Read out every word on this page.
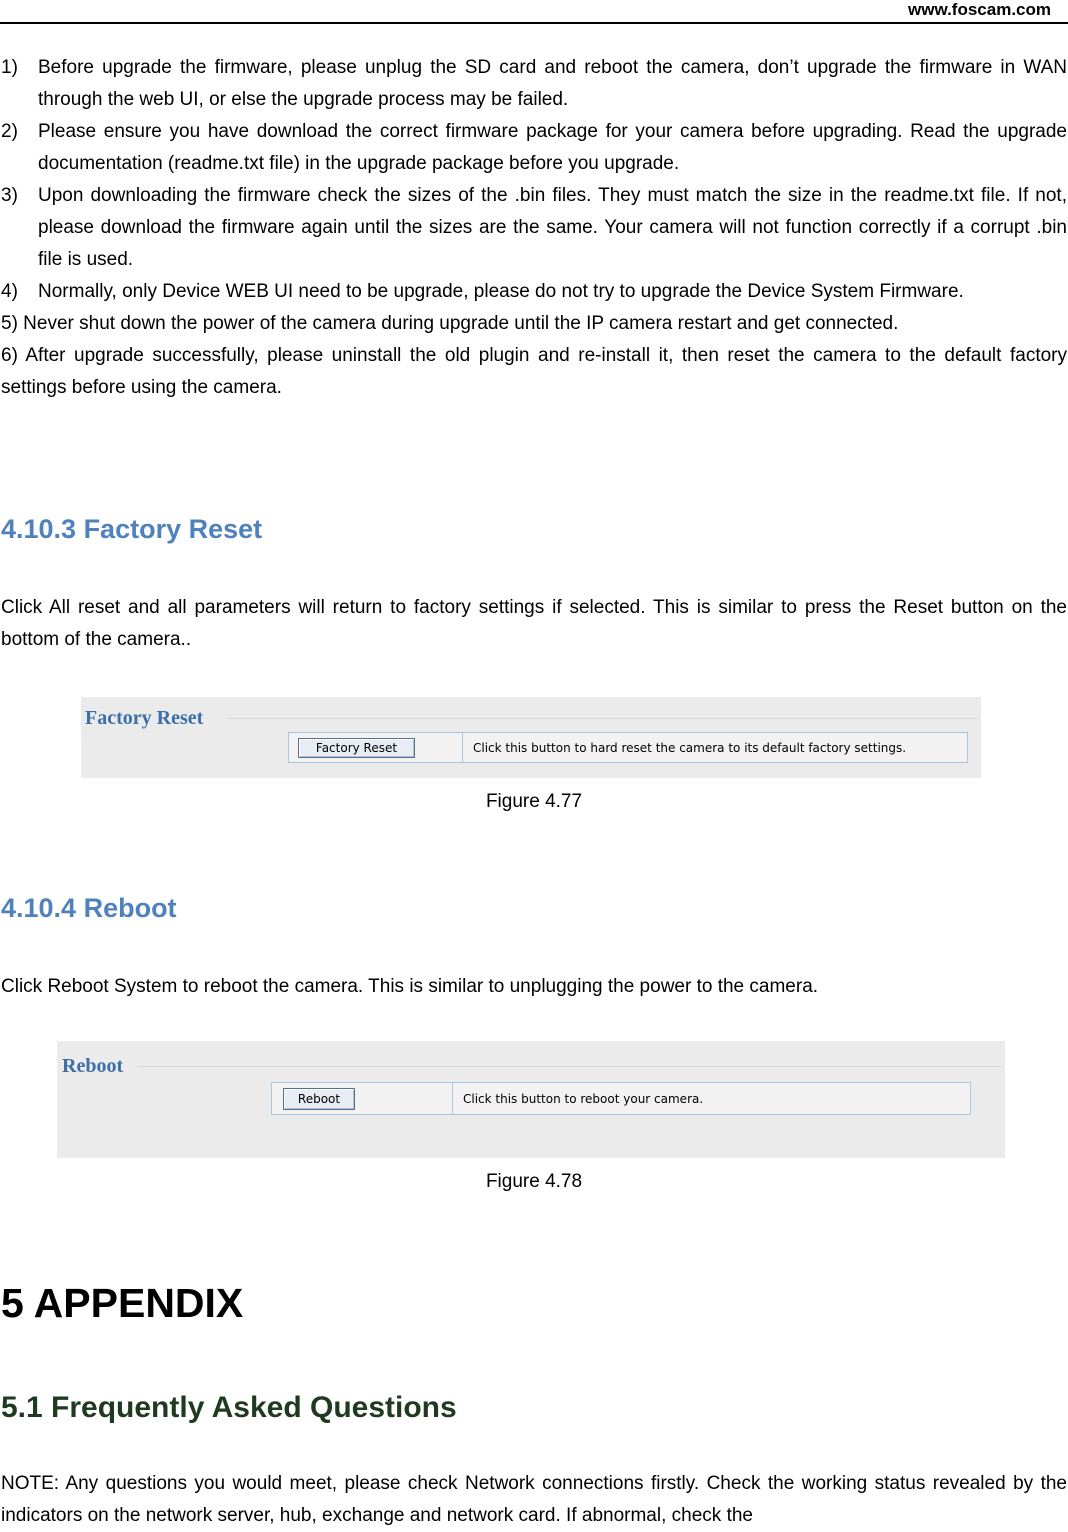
www.foscam.com
1)	Before upgrade the firmware, please unplug the SD card and reboot the camera, don’t upgrade the firmware in WAN through the web UI, or else the upgrade process may be failed.
2)	Please ensure you have download the correct firmware package for your camera before upgrading. Read the upgrade documentation (readme.txt file) in the upgrade package before you upgrade.
3)	Upon downloading the firmware check the sizes of the .bin files. They must match the size in the readme.txt file. If not, please download the firmware again until the sizes are the same. Your camera will not function correctly if a corrupt .bin file is used.
4)	Normally, only Device WEB UI need to be upgrade, please do not try to upgrade the Device System Firmware.
5) Never shut down the power of the camera during upgrade until the IP camera restart and get connected.
6) After upgrade successfully, please uninstall the old plugin and re-install it, then reset the camera to the default factory settings before using the camera.
4.10.3 Factory Reset
Click All reset and all parameters will return to factory settings if selected. This is similar to press the Reset button on the bottom of the camera..
Factory Reset
Factory Reset	Click this button to hard reset the camera to its default factory settings.
Figure 4.77
4.10.4 Reboot
Click Reboot System to reboot the camera. This is similar to unplugging the power to the camera.
Reboot
Reboot	Click this button to reboot your camera.
Figure 4.78
5 APPENDIX
5.1 Frequently Asked Questions
NOTE: Any questions you would meet, please check Network connections firstly. Check the working status revealed by the indicators on the network server, hub, exchange and network card. If abnormal, check the
